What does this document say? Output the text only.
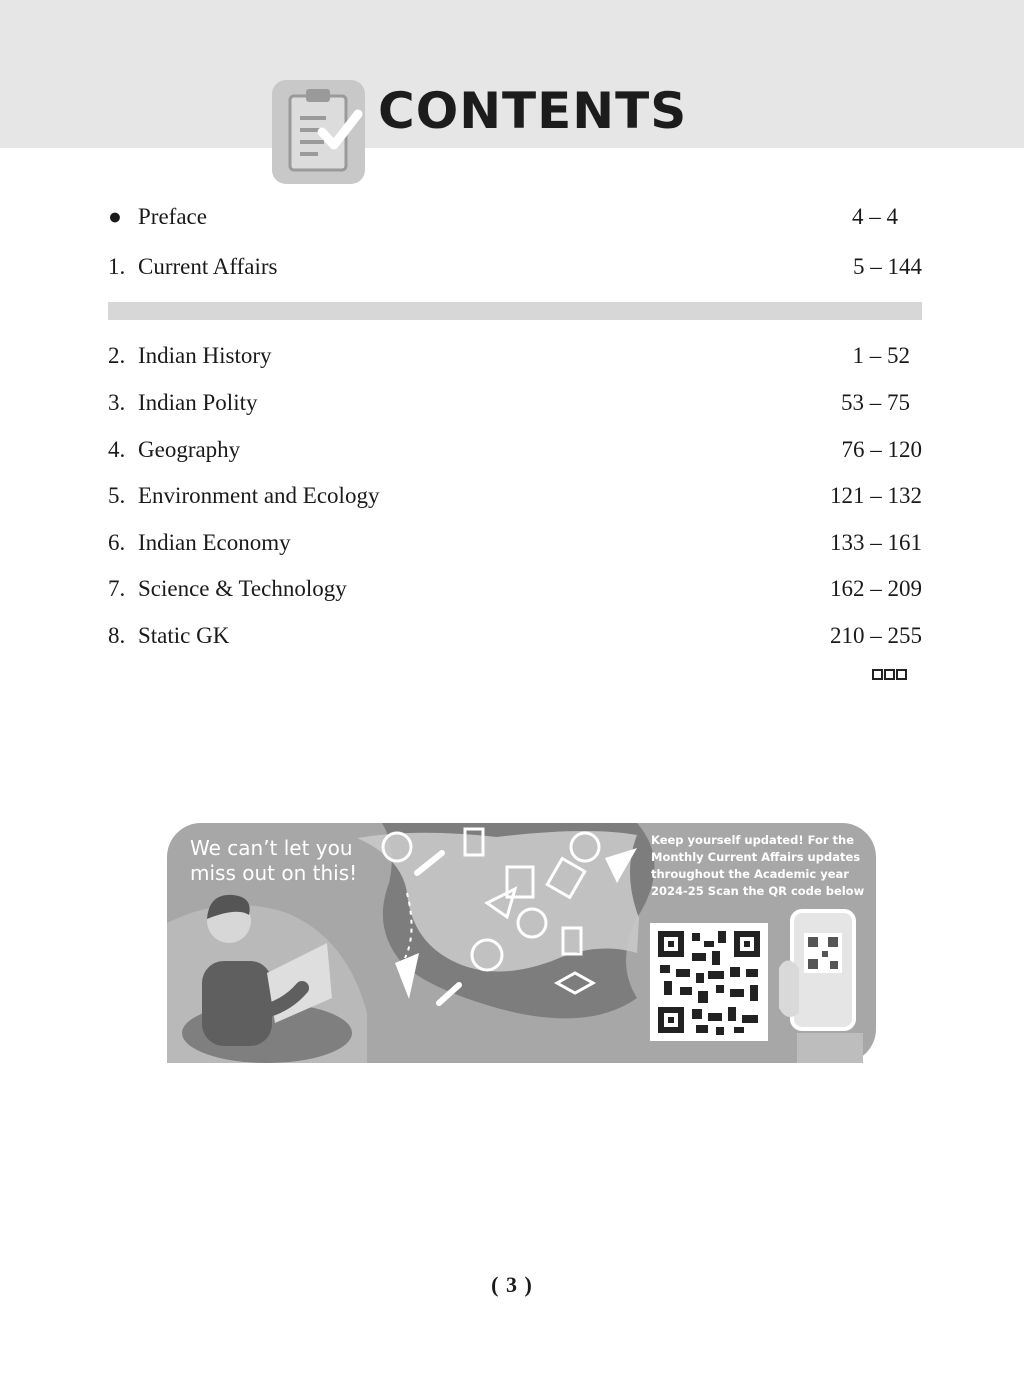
CONTENTS
● Preface	4 – 4
1. Current Affairs	5 – 144
2. Indian History	1 – 52
3. Indian Polity	53 – 75
4. Geography	76 – 120
5. Environment and Ecology	121 – 132
6. Indian Economy	133 – 161
7. Science & Technology	162 – 209
8. Static GK	210 – 255

We can’t let you miss out on this!

Keep yourself updated! For the Monthly Current Affairs updates throughout the Academic year 2024-25 Scan the QR code below

( 3 )
